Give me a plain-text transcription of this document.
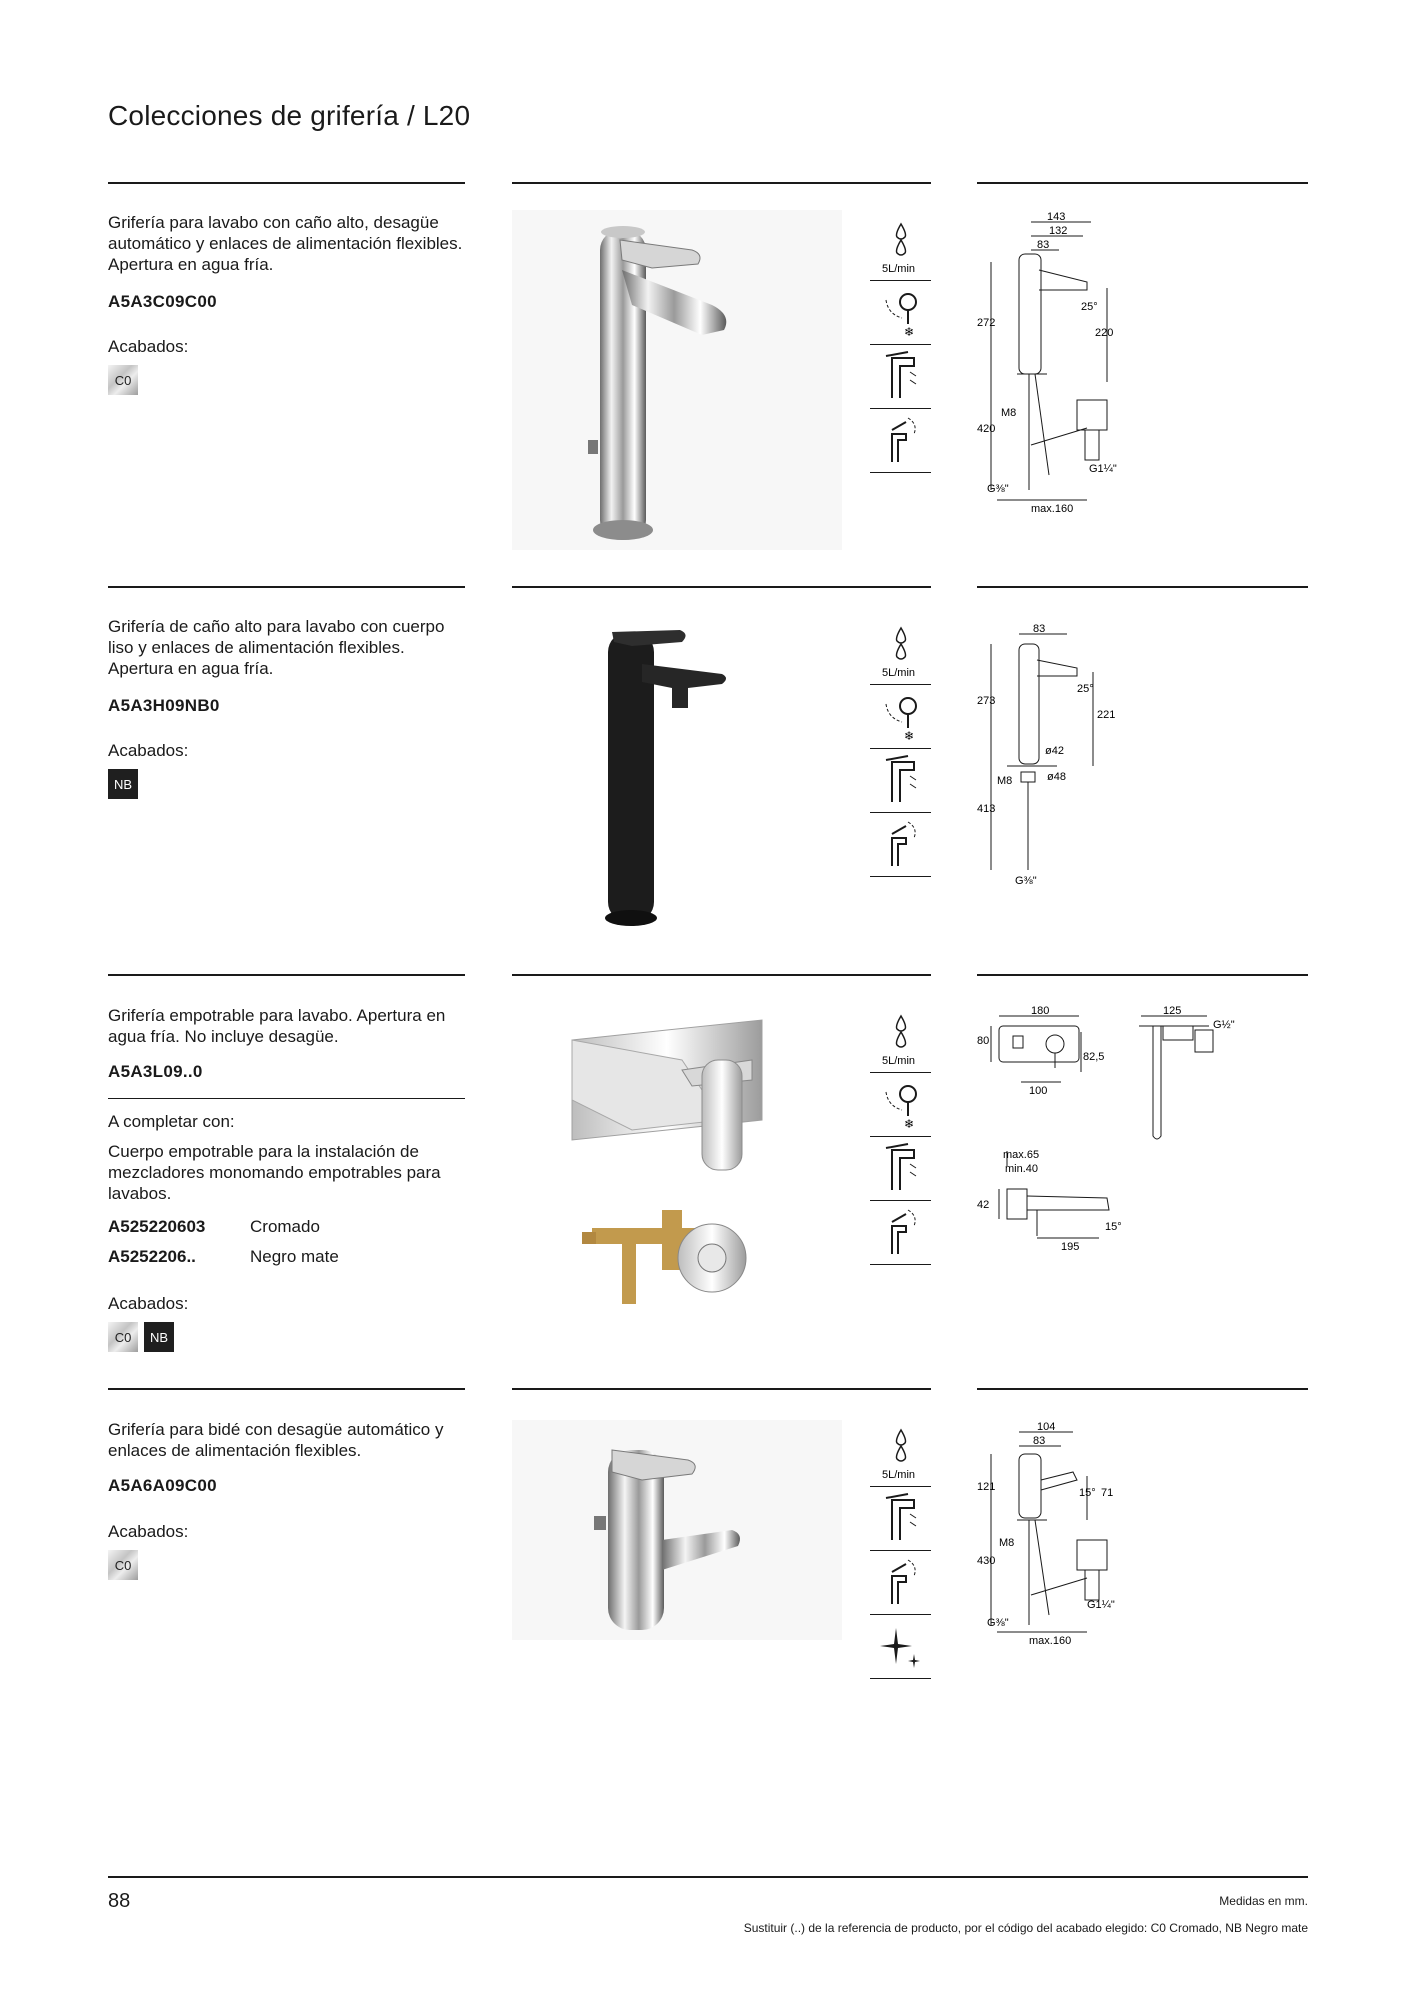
Colecciones de grifería / L20
Grifería para lavabo con caño alto, desagüe automático y enlaces de alimentación flexibles. Apertura en agua fría.
A5A3C09C00
Acabados:
C0
5L/min
❄
143
132
83
272
25°
220
M8
420
G1¼"
G⅜"
max.160
Grifería de caño alto para lavabo con cuerpo liso y enlaces de alimentación flexibles. Apertura en agua fría.
A5A3H09NB0
Acabados:
NB
5L/min
❄
83
273
25°
221
ø42
M8	ø48
413
G⅜"
Grifería empotrable para lavabo. Apertura en agua fría. No incluye desagüe.
A5A3L09..0
A completar con:
Cuerpo empotrable para la instalación de mezcladores monomando empotrables para lavabos.
A525220603	Cromado
A5252206..	Negro mate
Acabados:
C0	NB
5L/min
❄
180
80
82,5
100
125
G½"
max.65
min.40
42
195
15°
Grifería para bidé con desagüe automático y enlaces de alimentación flexibles.
A5A6A09C00
Acabados:
C0
5L/min
104
83
121	15° 71
M8
430
G1¼"
G⅜"
max.160
88	Medidas en mm.
Sustituir (..) de la referencia de producto, por el código del acabado elegido: C0 Cromado, NB Negro mate
